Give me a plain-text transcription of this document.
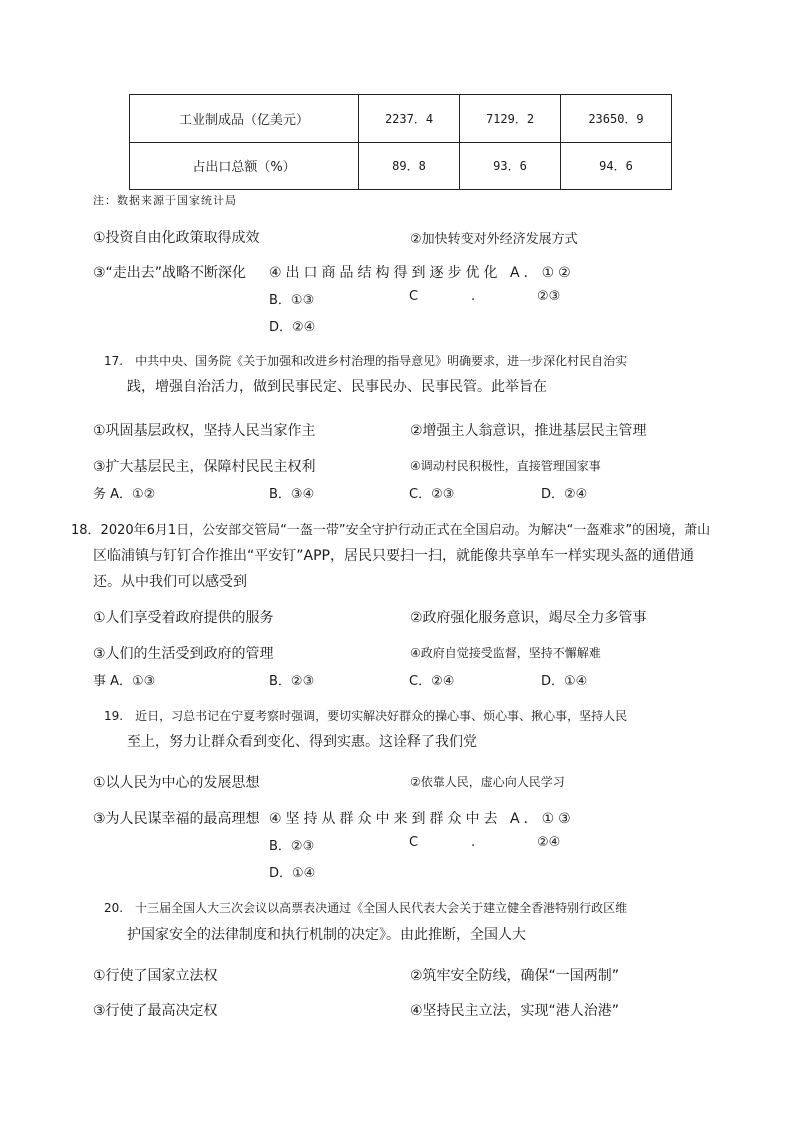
工业制成品（亿美元）	2237．4	7129．2	23650．9
占出口总额（%）	89．8	93．6	94．6
注：数据来源于国家统计局
①投资自由化政策取得成效	②加快转变对外经济发展方式
③“走出去”战略不断深化 ④出口商品结构得到逐步优化 A．①②
B．①③	C	.	②③
D．②④
17.　中共中央、国务院《关于加强和改进乡村治理的指导意见》明确要求，进一步深化村民自治实
践，增强自治活力，做到民事民定、民事民办、民事民管。此举旨在
①巩固基层政权，坚持人民当家作主	②增强主人翁意识，推进基层民主管理
③扩大基层民主，保障村民民主权利	④调动村民积极性，直接管理国家事
务 A．①②	B．③④	C．②③	D．②④
18．2020年6月1日，公安部交管局“一盔一带”安全守护行动正式在全国启动。为解决“一盔难求”的困境，萧山
区临浦镇与钉钉合作推出“平安钉”APP，居民只要扫一扫，就能像共享单车一样实现头盔的通借通
还。从中我们可以感受到
①人们享受着政府提供的服务	②政府强化服务意识，竭尽全力多管事
③人们的生活受到政府的管理	④政府自觉接受监督，坚持不懈解难
事 A．①③	B．②③	C．②④	D．①④
19.　近日，习总书记在宁夏考察时强调，要切实解决好群众的操心事、烦心事、揪心事，坚持人民
至上，努力让群众看到变化、得到实惠。这诠释了我们党
①以人民为中心的发展思想	②依靠人民，虚心向人民学习
③为人民谋幸福的最高理想 ④坚持从群众中来到群众中去 A．①③
B．②③	C	.	②④
D．①④
20.　十三届全国人大三次会议以高票表决通过《全国人民代表大会关于建立健全香港特别行政区维
护国家安全的法律制度和执行机制的决定》。由此推断，全国人大
①行使了国家立法权	②筑牢安全防线，确保“一国两制”
③行使了最高决定权	④坚持民主立法，实现“港人治港”
